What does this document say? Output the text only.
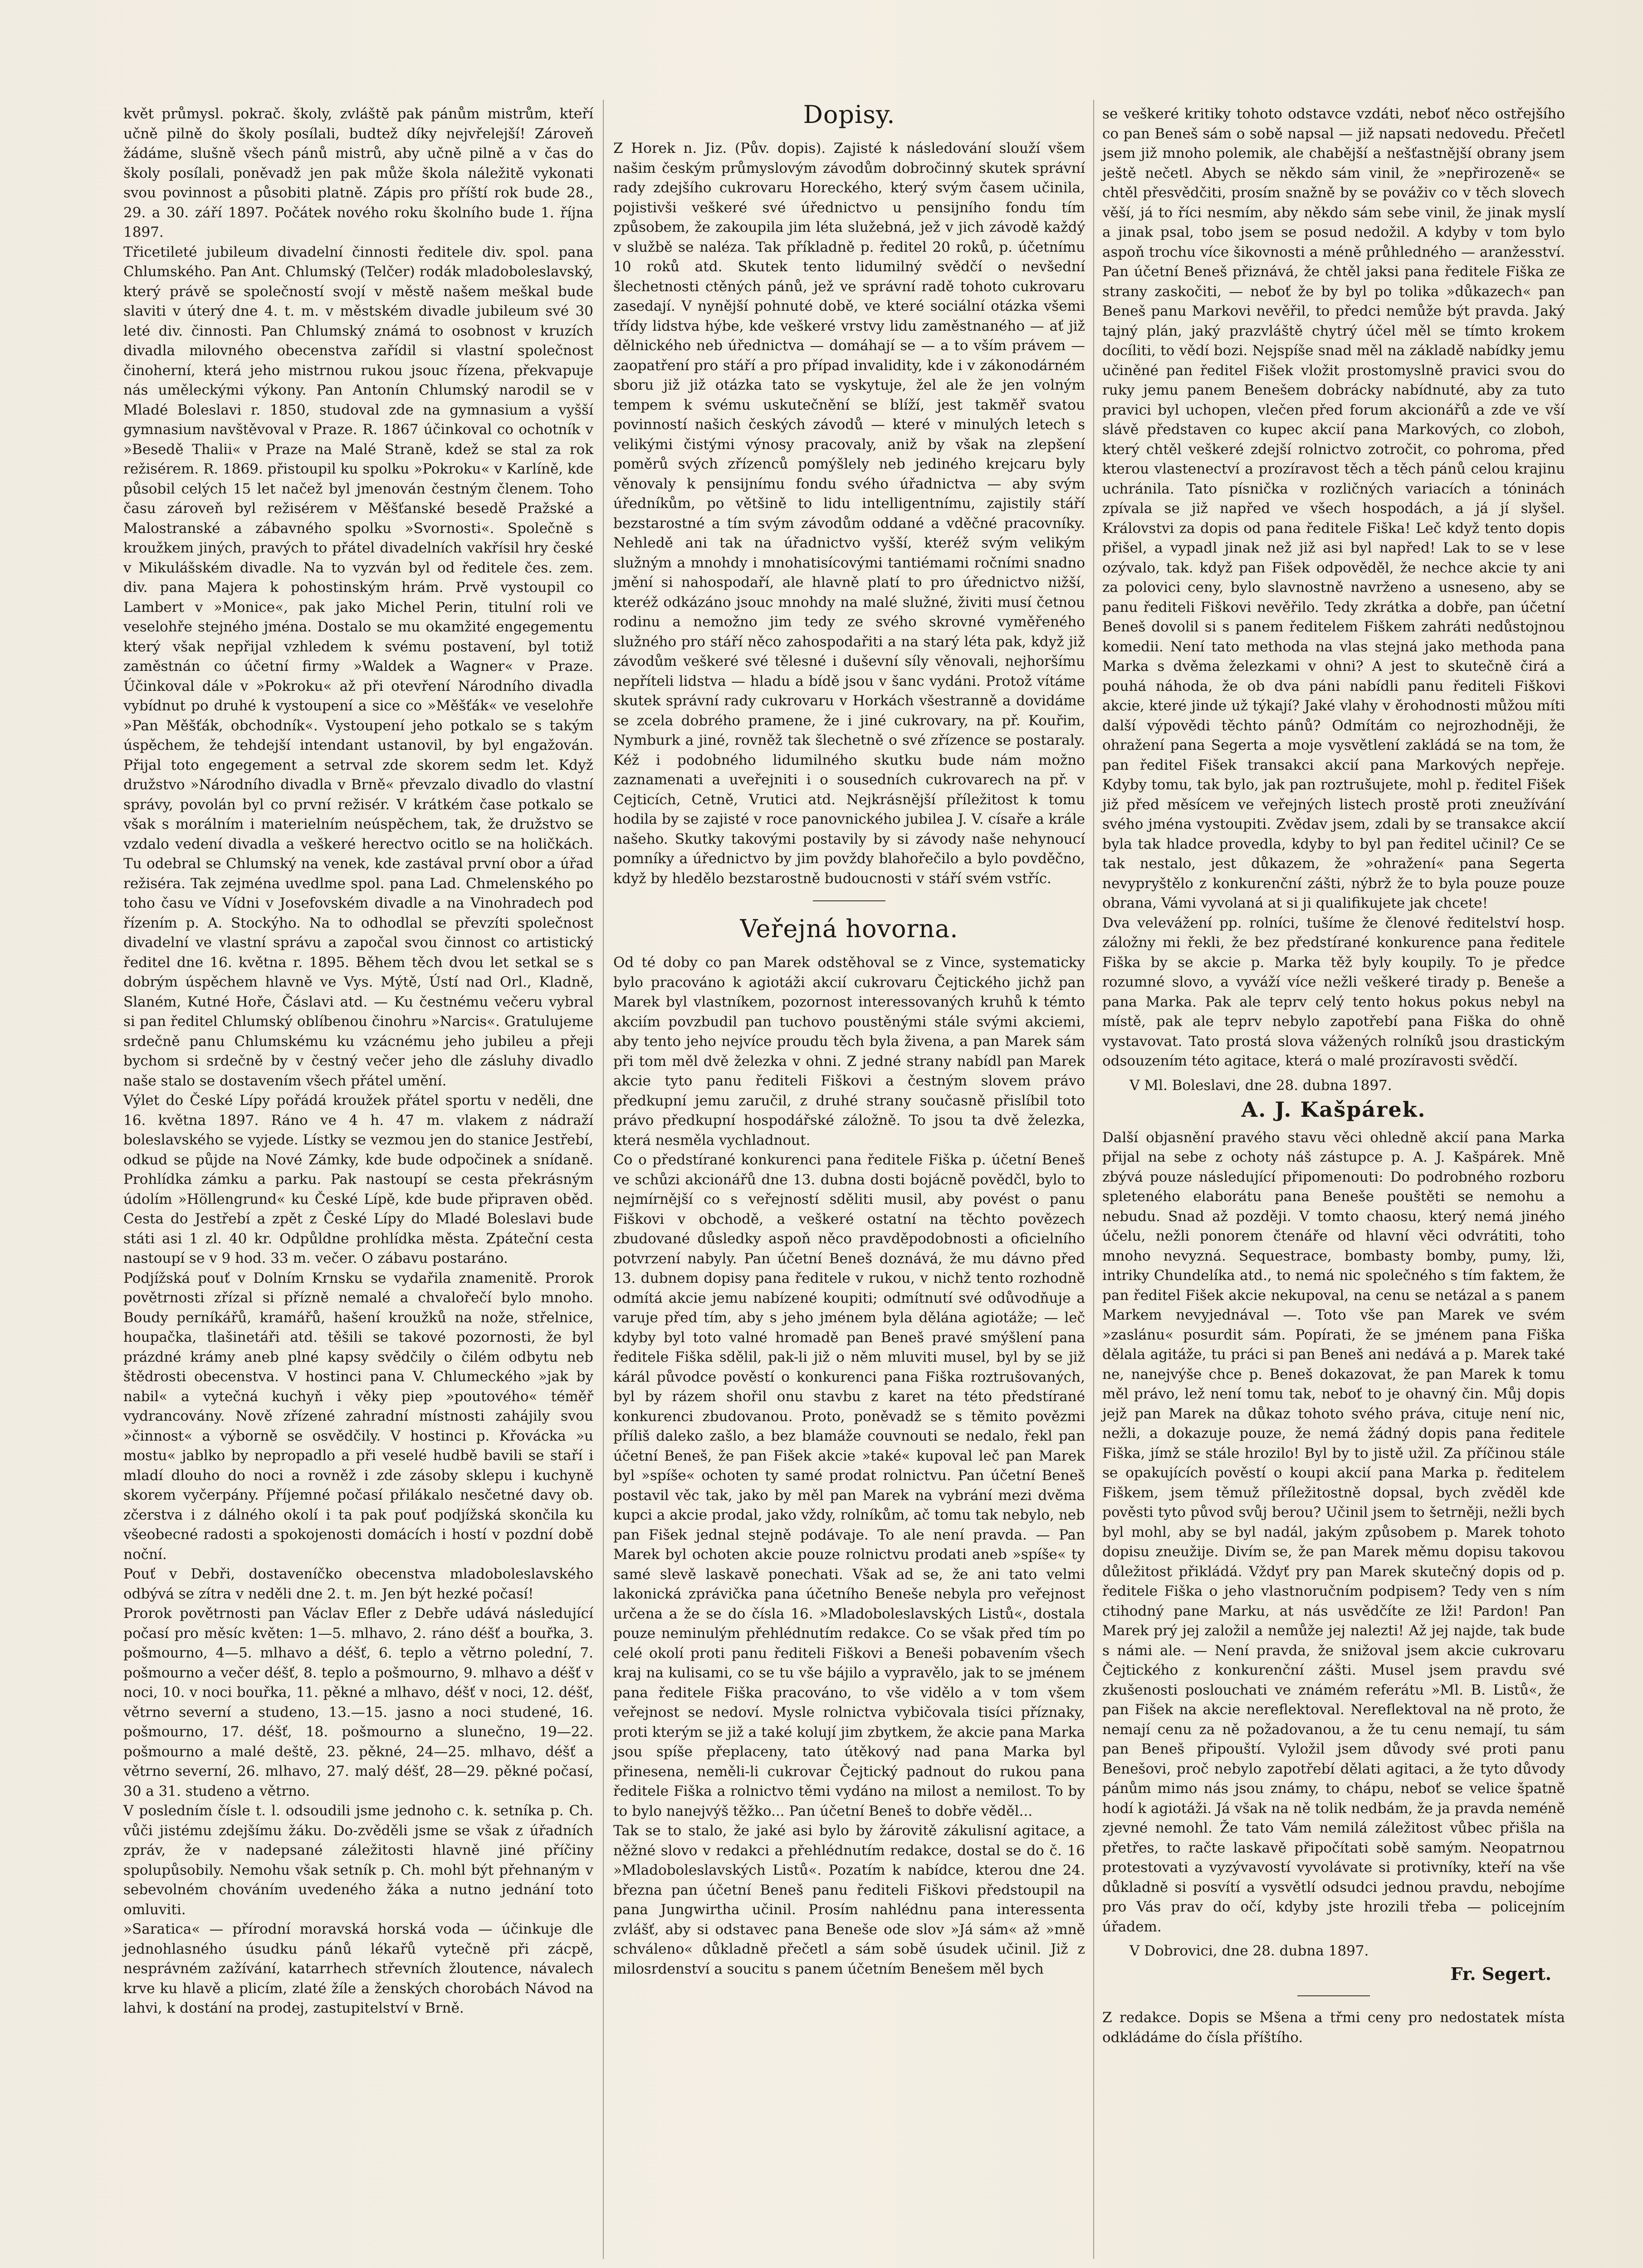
květ průmysl. pokrač. školy, zvláště pak pánům mistrům, kteří učně pilně do školy posílali, budtež díky nejvřelejší! Zároveň žádáme, slušně všech pánů mistrů, aby učně pilně a v čas do školy posílali, poněvadž jen pak může škola náležitě vykonati svou povinnost a působiti platně. Zápis pro příští rok bude 28., 29. a 30. září 1897. Počátek nového roku školního bude 1. října 1897.

Třicetileté jubileum divadelní činnosti ředitele div. spol. pana Chlumského. Pan Ant. Chlumský (Telčer) rodák mladoboleslavský, který právě se společností svojí v městě našem meškal bude slaviti v úterý dne 4. t. m. v městském divadle jubileum své 30 leté div. činnosti. Pan Chlumský známá to osobnost v kruzích divadla milovného obecenstva zařídil si vlastní společnost činoherní, která jeho mistrnou rukou jsouc řízena, překvapuje nás uměleckými výkony. Pan Antonín Chlumský narodil se v Mladé Boleslavi r. 1850, studoval zde na gymnasium a vyšší gymnasium navštěvoval v Praze. R. 1867 účinkoval co ochotník v »Besedě Thalii« v Praze na Malé Straně, kdež se stal za rok režisérem. R. 1869. přistoupil ku spolku »Pokroku« v Karlíně, kde působil celých 15 let načež byl jmenován čestným členem. Toho času zároveň byl režisérem v Měšťanské besedě Pražské a Malostranské a zábavného spolku »Svornosti«. Společně s kroužkem jiných, pravých to přátel divadelních vakřísil hry české v Mikulášském divadle. Na to vyzván byl od ředitele čes. zem. div. pana Majera k pohostinským hrám. Prvě vystoupil co Lambert v »Monice«, pak jako Michel Perin, titulní roli ve veselohře stejného jména. Dostalo se mu okamžité engegementu který však nepřijal vzhledem k svému postavení, byl totiž zaměstnán co účetní firmy »Waldek a Wagner« v Praze. Účinkoval dále v »Pokroku« až při otevření Národního divadla vybídnut po druhé k vystoupení a sice co »Měšťák« ve veselohře »Pan Měšťák, obchodník«. Vystoupení jeho potkalo se s takým úspěchem, že tehdejší intendant ustanovil, by byl engažován. Přijal toto engegement a setrval zde skorem sedm let. Když družstvo »Národního divadla v Brně« převzalo divadlo do vlastní správy, povolán byl co první režisér. V krátkém čase potkalo se však s morálním i materielním neúspěchem, tak, že družstvo se vzdalo vedení divadla a veškeré herectvo ocitlo se na holičkách. Tu odebral se Chlumský na venek, kde zastával první obor a úřad režiséra. Tak zejména uvedlme spol. pana Lad. Chmelenského po toho času ve Vídni v Josefovském divadle a na Vinohradech pod řízením p. A. Stockýho. Na to odhodlal se převzíti společnost divadelní ve vlastní správu a započal svou činnost co artistický ředitel dne 16. května r. 1895. Během těch dvou let setkal se s dobrým úspěchem hlavně ve Vys. Mýtě, Ústí nad Orl., Kladně, Slaném, Kutné Hoře, Čáslavi atd. — Ku čestnému večeru vybral si pan ředitel Chlumský oblíbenou činohru »Narcis«. Gratulujeme srdečně panu Chlumskému ku vzácnému jeho jubileu a přeji bychom si srdečně by v čestný večer jeho dle zásluhy divadlo naše stalo se dostavením všech přátel umění.

Výlet do České Lípy pořádá kroužek přátel sportu v neděli, dne 16. května 1897. Ráno ve 4 h. 47 m. vlakem z nádraží boleslavského se vyjede. Lístky se vezmou jen do stanice Jestřebí, odkud se půjde na Nové Zámky, kde bude odpočinek a snídaně. Prohlídka zámku a parku. Pak nastoupí se cesta překrásným údolím »Höllengrund« ku České Lípě, kde bude připraven oběd. Cesta do Jestřebí a zpět z České Lípy do Mladé Boleslavi bude státi asi 1 zl. 40 kr. Odpůldne prohlídka města. Zpáteční cesta nastoupí se v 9 hod. 33 m. večer. O zábavu postaráno.

Podjížská pouť v Dolním Krnsku se vydařila znamenitě. Prorok povětrnosti zřízal si přízně nemalé a chvalořečí bylo mnoho. Boudy perníkářů, kramářů, hašení kroužků na nože, střelnice, houpačka, tlašinetáři atd. těšili se takové pozornosti, že byl prázdné krámy aneb plné kapsy svědčily o čilém odbytu neb štědrosti obecenstva. V hostinci pana V. Chlumeckého »jak by nabil« a vytečná kuchyň i věky piep »poutového« téměř vydrancovány. Nově zřízené zahradní místnosti zahájily svou »činnost« a výborně se osvědčily. V hostinci p. Křovácka »u mostu« jablko by nepropadlo a při veselé hudbě bavili se staří i mladí dlouho do noci a rovněž i zde zásoby sklepu i kuchyně skorem vyčerpány. Příjemné počasí přilákalo nesčetné davy ob. zčerstva i z dálného okolí i ta pak pouť podjížská skončila ku všeobecné radosti a spokojenosti domácích i hostí v pozdní době noční.

Pouť v Debři, dostaveníčko obecenstva mladoboleslavského odbývá se zítra v neděli dne 2. t. m. Jen být hezké počasí!

Prorok povětrnosti pan Václav Efler z Debře udává následující počasí pro měsíc květen: 1—5. mlhavo, 2. ráno déšť a bouřka, 3. pošmourno, 4—5. mlhavo a déšť, 6. teplo a větrno polední, 7. pošmourno a večer déšť, 8. teplo a pošmourno, 9. mlhavo a déšť v noci, 10. v noci bouřka, 11. pěkné a mlhavo, déšť v noci, 12. déšť, větrno severní a studeno, 13.—15. jasno a noci studené, 16. pošmourno, 17. déšť, 18. pošmourno a slunečno, 19—22. pošmourno a malé deště, 23. pěkné, 24—25. mlhavo, déšť a větrno severní, 26. mlhavo, 27. malý déšť, 28—29. pěkné počasí, 30 a 31. studeno a větrno.

V posledním čísle t. l. odsoudili jsme jednoho c. k. setníka p. Ch. vůči jistému zdejšímu žáku. Do-zvěděli jsme se však z úřadních zpráv, že v nadepsané záležitosti hlavně jiné příčiny spolupůsobily. Nemohu však setník p. Ch. mohl být přehnaným v sebevolném chováním uvedeného žáka a nutno jednání toto omluviti.

»Saratica« — přírodní moravská horská voda — účinkuje dle jednohlasného úsudku pánů lékařů vytečně při zácpě, nesprávném zažívání, katarrhech střevních žloutence, návalech krve ku hlavě a plicím, zlaté žíle a ženských chorobách Návod na lahvi, k dostání na prodej, zastupitelství v Brně.

Dopisy.

Z Horek n. Jiz. (Pův. dopis). Zajisté k následování slouží všem našim českým průmyslovým závodům dobročinný skutek správní rady zdejšího cukrovaru Horeckého, který svým časem učinila, pojistivši veškeré své úřednictvo u pensijního fondu tím způsobem, že zakoupila jim léta služebná, jež v jich závodě každý v službě se naléza. Tak příkladně p. ředitel 20 roků, p. účetnímu 10 roků atd. Skutek tento lidumilný svědčí o nevšední šlechetnosti ctěných pánů, jež ve správní radě tohoto cukrovaru zasedají. V nynější pohnuté době, ve které sociální otázka všemi třídy lidstva hýbe, kde veškeré vrstvy lidu zaměstnaného — ať již dělnického neb úřednictva — domáhají se — a to vším právem — zaopatření pro stáří a pro případ invalidity, kde i v zákonodárném sboru již již otázka tato se vyskytuje, žel ale že jen volným tempem k svému uskutečnění se blíží, jest takměř svatou povinností našich českých závodů — které v minulých letech s velikými čistými výnosy pracovaly, aniž by však na zlepšení poměrů svých zřízenců pomýšlely neb jediného krejcaru byly věnovaly k pensijnímu fondu svého úřadnictva — aby svým úředníkům, po většině to lidu intelligentnímu, zajistily stáří bezstarostné a tím svým závodům oddané a vděčné pracovníky. Nehledě ani tak na úřadnictvo vyšší, kteréž svým velikým služným a mnohdy i mnohatisícovými tantiémami ročními snadno jmění si nahospodaří, ale hlavně platí to pro úřednictvo nižší, kteréž odkázáno jsouc mnohdy na malé služné, živiti musí četnou rodinu a nemožno jim tedy ze svého skrovné vyměřeného služného pro stáří něco zahospodařiti a na starý léta pak, když již závodům veškeré své tělesné i duševní síly věnovali, nejhoršímu nepříteli lidstva — hladu a bídě jsou v šanc vydáni. Protož vítáme skutek správní rady cukrovaru v Horkách všestranně a dovidáme se zcela dobrého pramene, že i jiné cukrovary, na př. Kouřim, Nymburk a jiné, rovněž tak šlechetně o své zřízence se postaraly. Kéž i podobného lidumilného skutku bude nám možno zaznamenati a uveřejniti i o sousedních cukrovarech na př. v Cejticích, Cetně, Vrutici atd. Nejkrásnější příležitost k tomu hodila by se zajisté v roce panovnického jubilea J. V. císaře a krále našeho. Skutky takovými postavily by si závody naše nehynoucí pomníky a úřednictvo by jim povždy blahořečilo a bylo povděčno, když by hledělo bezstarostně budoucnosti v stáří svém vstříc.

Veřejná hovorna.

Od té doby co pan Marek odstěhoval se z Vince, systematicky bylo pracováno k agiotáži akcií cukrovaru Čejtického jichž pan Marek byl vlastníkem, pozornost interessovaných kruhů k témto akciím povzbudil pan tuchovo poustěnými stále svými akciemi, aby tento jeho nejvíce proudu těch byla živena, a pan Marek sám při tom měl dvě železka v ohni. Z jedné strany nabídl pan Marek akcie tyto panu řediteli Fiškovi a čestným slovem právo předkupní jemu zaručil, z druhé strany současně přislíbil toto právo předkupní hospodářské záložně. To jsou ta dvě železka, která nesměla vychladnout.

Co o předstírané konkurenci pana ředitele Fiška p. účetní Beneš ve schůzi akcionářů dne 13. dubna dosti bojácně povědčl, bylo to nejmírnější co s veřejností sděliti musil, aby povést o panu Fiškovi v obchodě, a veškeré ostatní na těchto povězech zbudované důsledky aspoň něco pravděpodobnosti a oficielního potvrzení nabyly. Pan účetní Beneš doznává, že mu dávno před 13. dubnem dopisy pana ředitele v rukou, v nichž tento rozhodně odmítá akcie jemu nabízené koupiti; odmítnutí své odůvodňuje a varuje před tím, aby s jeho jménem byla dělána agiotáže; — leč kdyby byl toto valné hromadě pan Beneš pravé smýšlení pana ředitele Fiška sdělil, pak-li již o něm mluviti musel, byl by se již kárál původce pověstí o konkurenci pana Fiška roztrušovaných, byl by rázem shořil onu stavbu z karet na této předstírané konkurenci zbudovanou. Proto, poněvadž se s těmito povězmi příliš daleko zašlo, a bez blamáže couvnouti se nedalo, řekl pan účetní Beneš, že pan Fišek akcie »také« kupoval leč pan Marek byl »spíše« ochoten ty samé prodat rolnictvu. Pan účetní Beneš postavil věc tak, jako by měl pan Marek na vybrání mezi dvěma kupci a akcie prodal, jako vždy, rolníkům, ač tomu tak nebylo, neb pan Fišek jednal stejně podávaje. To ale není pravda. — Pan Marek byl ochoten akcie pouze rolnictvu prodati aneb »spíše« ty samé slevě laskavě ponechati. Však ad se, že ani tato velmi lakonická zprávička pana účetního Beneše nebyla pro veřejnost určena a že se do čísla 16. »Mladoboleslavských Listů«, dostala pouze neminulým přehlédnutím redakce. Co se však před tím po celé okolí proti panu řediteli Fiškovi a Beneši pobavením všech kraj na kulisami, co se tu vše bájilo a vypravělo, jak to se jménem pana ředitele Fiška pracováno, to vše vidělo a v tom všem veřejnost se nedoví. Mysle rolnictva vybičovala tisíci příznaky, proti kterým se již a také kolují jim zbytkem, že akcie pana Marka jsou spíše přeplaceny, tato útěkový nad pana Marka byl přinesena, neměli-li cukrovar Čejtický padnout do rukou pana ředitele Fiška a rolnictvo těmi vydáno na milost a nemilost. To by to bylo nanejvýš těžko... Pan účetní Beneš to dobře věděl...

Tak se to stalo, že jaké asi bylo by žárovitě zákulisní agitace, a něžné slovo v redakci a přehlédnutím redakce, dostal se do č. 16 »Mladoboleslavských Listů«. Pozatím k nabídce, kterou dne 24. března pan účetní Beneš panu řediteli Fiškovi předstoupil na pana Jungwirtha učinil. Prosím nahlédnu pana interessenta zvlášť, aby si odstavec pana Beneše ode slov »Já sám« až »mně schváleno« důkladně přečetl a sám sobě úsudek učinil. Již z milosrdenství a soucitu s panem účetním Benešem měl bych

se veškeré kritiky tohoto odstavce vzdáti, neboť něco ostřejšího co pan Beneš sám o sobě napsal — již napsati nedovedu. Přečetl jsem již mnoho polemik, ale chabější a nešťastnější obrany jsem ještě nečetl. Abych se někdo sám vinil, že »nepřirozeně« se chtěl přesvědčiti, prosím snažně by se pováživ co v těch slovech věší, já to říci nesmím, aby někdo sám sebe vinil, že jinak myslí a jinak psal, tobo jsem se posud nedožil. A kdyby v tom bylo aspoň trochu více šikovnosti a méně průhledného — aranžesství. Pan účetní Beneš přiznává, že chtěl jaksi pana ředitele Fiška ze strany zaskočiti, — neboť že by byl po tolika »důkazech« pan Beneš panu Markovi nevěřil, to předci nemůže být pravda. Jaký tajný plán, jaký prazvláště chytrý účel měl se tímto krokem docíliti, to vědí bozi. Nejspíše snad měl na základě nabídky jemu učiněné pan ředitel Fišek vložit prostomyslně pravici svou do ruky jemu panem Benešem dobrácky nabídnuté, aby za tuto pravici byl uchopen, vlečen před forum akcionářů a zde ve vší slávě představen co kupec akcií pana Markových, co zloboh, který chtěl veškeré zdejší rolnictvo zotročit, co pohroma, před kterou vlastenectví a prozíravost těch a těch pánů celou krajinu uchránila. Tato písnička v rozličných variacích a tóninách zpívala se již napřed ve všech hospodách, a já jí slyšel. Královstvi za dopis od pana ředitele Fiška! Leč když tento dopis přišel, a vypadl jinak než již asi byl napřed! Lak to se v lese ozývalo, tak. když pan Fišek odpověděl, že nechce akcie ty ani za polovici ceny, bylo slavnostně navrženo a usneseno, aby se panu řediteli Fiškovi nevěřilo. Tedy zkrátka a dobře, pan účetní Beneš dovolil si s panem ředitelem Fiškem zahráti nedůstojnou komedii. Není tato methoda na vlas stejná jako methoda pana Marka s dvěma železkami v ohni? A jest to skutečně čirá a pouhá náhoda, že ob dva páni nabídli panu řediteli Fiškovi akcie, které jinde už týkají? Jaké vlahy v ěrohodnosti můžou míti další výpovědi těchto pánů? Odmítám co nejrozhodněji, že ohražení pana Segerta a moje vysvětlení zakládá se na tom, že pan ředitel Fišek transakci akcií pana Markových nepřeje. Kdyby tomu, tak bylo, jak pan roztrušujete, mohl p. ředitel Fišek již před měsícem ve veřejných listech prostě proti zneužívání svého jména vystoupiti. Zvědav jsem, zdali by se transakce akcií byla tak hladce provedla, kdyby to byl pan ředitel učinil? Ce se tak nestalo, jest důkazem, že »ohražení« pana Segerta nevypryštělo z konkurenční zášti, nýbrž že to byla pouze pouze obrana, Vámi vyvolaná at si ji qualifikujete jak chcete!

Dva velevážení pp. rolníci, tušíme že členové ředitelství hosp. záložny mi řekli, že bez předstírané konkurence pana ředitele Fiška by se akcie p. Marka těž byly koupily. To je předce rozumné slovo, a vyváží více nežli veškeré tirady p. Beneše a pana Marka. Pak ale teprv celý tento hokus pokus nebyl na místě, pak ale teprv nebylo zapotřebí pana Fiška do ohně vystavovat. Tato prostá slova vážených rolníků jsou drastickým odsouzením této agitace, která o malé prozíravosti svědčí.

V Ml. Boleslavi, dne 28. dubna 1897.

A. J. Kašpárek.

Další objasnění pravého stavu věci ohledně akcií pana Marka přijal na sebe z ochoty náš zástupce p. A. J. Kašpárek. Mně zbývá pouze následující připomenouti: Do podrobného rozboru spleteného elaborátu pana Beneše pouštěti se nemohu a nebudu. Snad až později. V tomto chaosu, který nemá jiného účelu, nežli ponorem čtenáře od hlavní věci odvrátiti, toho mnoho nevyzná. Sequestrace, bombasty bomby, pumy, lži, intriky Chundelíka atd., to nemá nic společného s tím faktem, že pan ředitel Fišek akcie nekupoval, na cenu se netázal a s panem Markem nevyjednával —. Toto vše pan Marek ve svém »zaslánu« posurdit sám. Popírati, že se jménem pana Fiška dělala agitáže, tu práci si pan Beneš ani nedává a p. Marek také ne, nanejvýše chce p. Beneš dokazovat, že pan Marek k tomu měl právo, lež není tomu tak, neboť to je ohavný čin. Můj dopis jejž pan Marek na důkaz tohoto svého práva, cituje není nic, nežli, a dokazuje pouze, že nemá žádný dopis pana ředitele Fiška, jímž se stále hrozilo! Byl by to jistě užil. Za příčinou stále se opakujících pověstí o koupi akcií pana Marka p. ředitelem Fiškem, jsem těmuž příležitostně dopsal, bych zvěděl kde pověsti tyto původ svůj berou? Učinil jsem to šetrněji, nežli bych byl mohl, aby se byl nadál, jakým způsobem p. Marek tohoto dopisu zneužije. Divím se, že pan Marek měmu dopisu takovou důležitost přikládá. Vždyť pry pan Marek skutečný dopis od p. ředitele Fiška o jeho vlastnoručním podpisem? Tedy ven s ním ctihodný pane Marku, at nás usvědčíte ze lži! Pardon! Pan Marek prý jej založil a nemůže jej nalezti! Až jej najde, tak bude s námi ale. — Není pravda, že snižoval jsem akcie cukrovaru Čejtického z konkurenční zášti. Musel jsem pravdu své zkušenosti poslouchati ve známém referátu »Ml. B. Listů«, že pan Fišek na akcie nereflektoval. Nereflektoval na ně proto, že nemají cenu za ně požadovanou, a že tu cenu nemají, tu sám pan Beneš připouští. Vyložil jsem důvody své proti panu Benešovi, proč nebylo zapotřebí dělati agitaci, a že tyto důvody pánům mimo nás jsou známy, to chápu, neboť se velice špatně hodí k agiotáži. Já však na ně tolik nedbám, že ja pravda neméně zjevné nemohl. Že tato Vám nemilá záležitost vůbec přišla na přetřes, to račte laskavě připočítati sobě samým. Neopatrnou protestovati a vyzývavostí vyvolávate si protivníky, kteří na vše důkladně si posvítí a vysvětlí odsudci jednou pravdu, nebojíme pro Vás prav do očí, kdyby jste hrozili třeba — policejním úřadem.

V Dobrovici, dne 28. dubna 1897.

Fr. Segert.

Z redakce. Dopis se Mšena a třmi ceny pro nedostatek místa odkládáme do čísla příštího.
